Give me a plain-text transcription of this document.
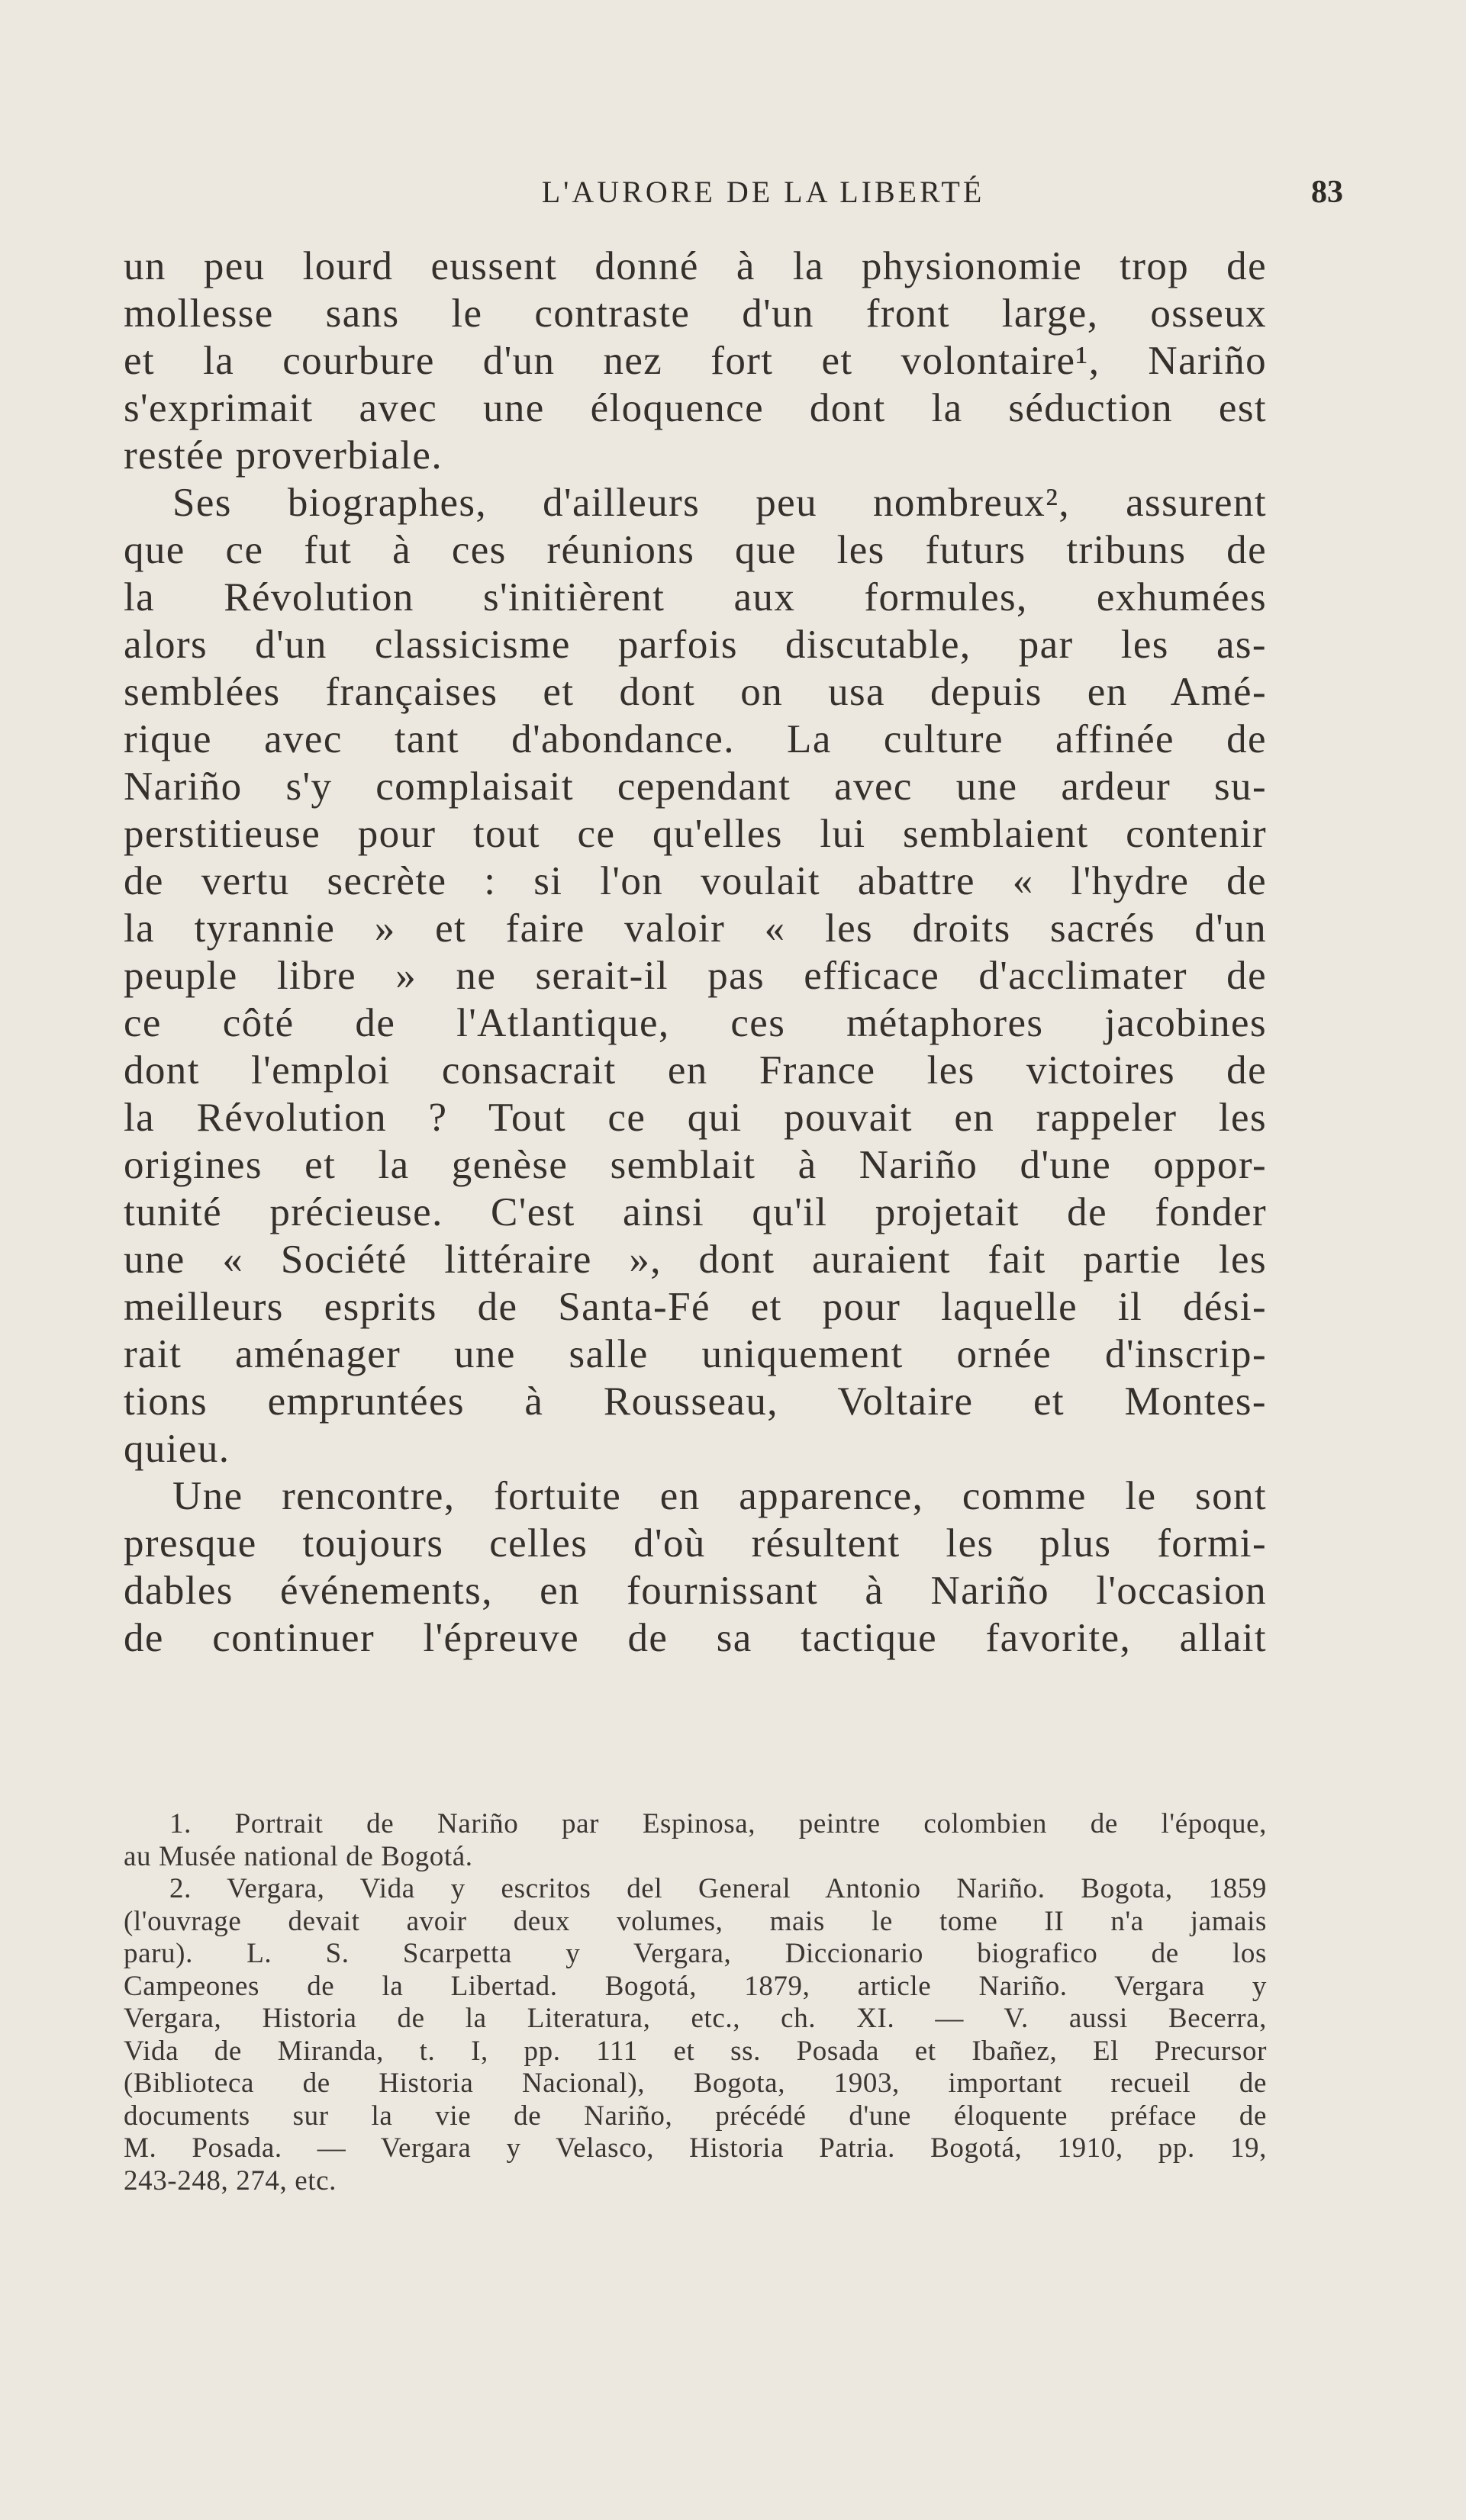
L'AURORE DE LA LIBERTÉ	83
un peu lourd eussent donné à la physionomie trop de
mollesse sans le contraste d'un front large, osseux
et la courbure d'un nez fort et volontaire¹, Nariño
s'exprimait avec une éloquence dont la séduction est
restée proverbiale.
Ses biographes, d'ailleurs peu nombreux², assurent
que ce fut à ces réunions que les futurs tribuns de
la Révolution s'initièrent aux formules, exhumées
alors d'un classicisme parfois discutable, par les as-
semblées françaises et dont on usa depuis en Amé-
rique avec tant d'abondance. La culture affinée de
Nariño s'y complaisait cependant avec une ardeur su-
perstitieuse pour tout ce qu'elles lui semblaient contenir
de vertu secrète : si l'on voulait abattre « l'hydre de
la tyrannie » et faire valoir « les droits sacrés d'un
peuple libre » ne serait-il pas efficace d'acclimater de
ce côté de l'Atlantique, ces métaphores jacobines
dont l'emploi consacrait en France les victoires de
la Révolution ? Tout ce qui pouvait en rappeler les
origines et la genèse semblait à Nariño d'une oppor-
tunité précieuse. C'est ainsi qu'il projetait de fonder
une « Société littéraire », dont auraient fait partie les
meilleurs esprits de Santa-Fé et pour laquelle il dési-
rait aménager une salle uniquement ornée d'inscrip-
tions empruntées à Rousseau, Voltaire et Montes-
quieu.
Une rencontre, fortuite en apparence, comme le sont
presque toujours celles d'où résultent les plus formi-
dables événements, en fournissant à Nariño l'occasion
de continuer l'épreuve de sa tactique favorite, allait
1. Portrait de Nariño par Espinosa, peintre colombien de l'époque,
au Musée national de Bogotá.
2. Vergara, Vida y escritos del General Antonio Nariño. Bogota, 1859
(l'ouvrage devait avoir deux volumes, mais le tome II n'a jamais
paru). L. S. Scarpetta y Vergara, Diccionario biografico de los
Campeones de la Libertad. Bogotá, 1879, article Nariño. Vergara y
Vergara, Historia de la Literatura, etc., ch. XI. — V. aussi Becerra,
Vida de Miranda, t. I, pp. 111 et ss. Posada et Ibañez, El Precursor
(Biblioteca de Historia Nacional), Bogota, 1903, important recueil de
documents sur la vie de Nariño, précédé d'une éloquente préface de
M. Posada. — Vergara y Velasco, Historia Patria. Bogotá, 1910, pp. 19,
243-248, 274, etc.
